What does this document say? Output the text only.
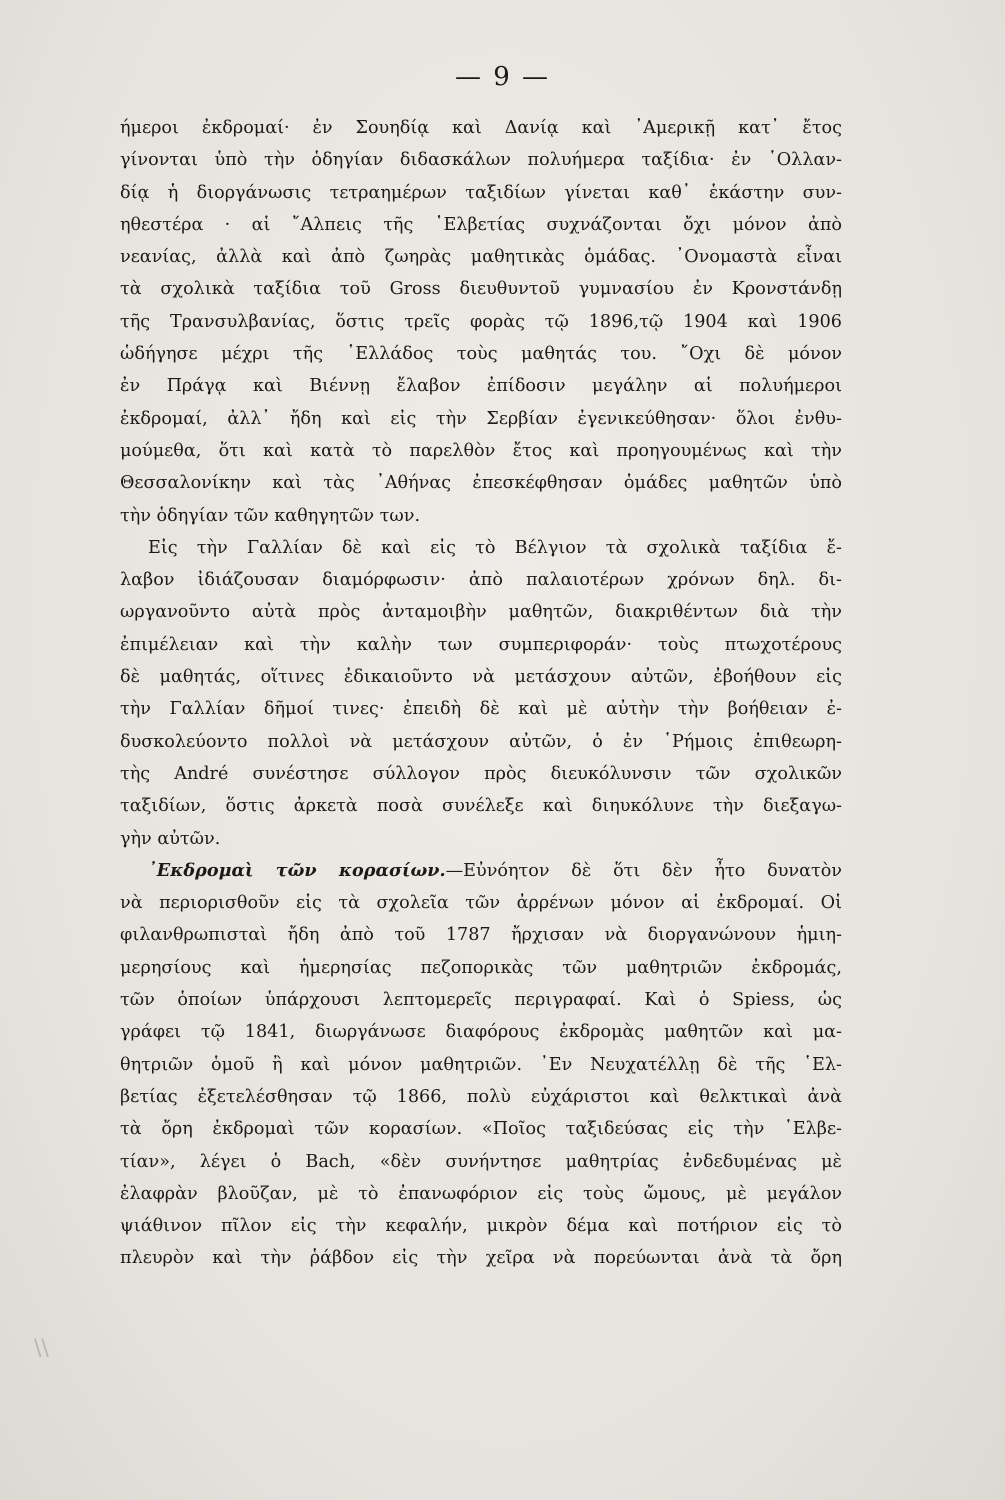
— 9 —

ήμεροι ἐκδρομαί· ἐν Σουηδίᾳ καὶ Δανίᾳ καὶ ᾿Αμερικῇ κατ᾿ ἔτος
γίνονται ὑπὸ τὴν ὁδηγίαν διδασκάλων πολυήμερα ταξίδια· ἐν ῾Ολλαν-
δίᾳ ἡ διοργάνωσις τετραημέρων ταξιδίων γίνεται καθ᾿ ἑκάστην συν-
ηθεστέρα · αἱ ῎Αλπεις τῆς ῾Ελβετίας συχνάζονται ὄχι μόνον ἀπὸ
νεανίας, ἀλλὰ καὶ ἀπὸ ζωηρὰς μαθητικὰς ὁμάδας. ᾿Ονομαστὰ εἶναι
τὰ σχολικὰ ταξίδια τοῦ Gross διευθυντοῦ γυμνασίου ἐν Κρονστάνδῃ
τῆς Τρανσυλβανίας, ὅστις τρεῖς φορὰς τῷ 1896,τῷ 1904 καὶ 1906
ὡδήγησε μέχρι τῆς ῾Ελλάδος τοὺς μαθητάς του. ῎Οχι δὲ μόνον
ἐν Πράγᾳ καὶ Βιέννῃ ἔλαβον ἐπίδοσιν μεγάλην αἱ πολυήμεροι
ἐκδρομαί, ἀλλ᾿ ἤδη καὶ εἰς τὴν Σερβίαν ἐγενικεύθησαν· ὅλοι ἐνθυ-
μούμεθα, ὅτι καὶ κατὰ τὸ παρελθὸν ἔτος καὶ προηγουμένως καὶ τὴν
Θεσσαλονίκην καὶ τὰς ᾿Αθήνας ἐπεσκέφθησαν ὁμάδες μαθητῶν ὑπὸ
τὴν ὁδηγίαν τῶν καθηγητῶν των.
Εἰς τὴν Γαλλίαν δὲ καὶ εἰς τὸ Βέλγιον τὰ σχολικὰ ταξίδια ἔ-
λαβον ἰδιάζουσαν διαμόρφωσιν· ἀπὸ παλαιοτέρων χρόνων δηλ. δι-
ωργανοῦντο αὐτὰ πρὸς ἀνταμοιβὴν μαθητῶν, διακριθέντων διὰ τὴν
ἐπιμέλειαν καὶ τὴν καλὴν των συμπεριφοράν· τοὺς πτωχοτέρους
δὲ μαθητάς, οἵτινες ἐδικαιοῦντο νὰ μετάσχουν αὐτῶν, ἐβοήθουν εἰς
τὴν Γαλλίαν δῆμοί τινες· ἐπειδὴ δὲ καὶ μὲ αὐτὴν τὴν βοήθειαν ἐ-
δυσκολεύοντο πολλοὶ νὰ μετάσχουν αὐτῶν, ὁ ἐν ῾Ρήμοις ἐπιθεωρη-
τὴς André συνέστησε σύλλογον πρὸς διευκόλυνσιν τῶν σχολικῶν
ταξιδίων, ὅστις ἀρκετὰ ποσὰ συνέλεξε καὶ διηυκόλυνε τὴν διεξαγω-
γὴν αὐτῶν.
᾿Εκδρομαὶ τῶν κορασίων.—Εὐνόητον δὲ ὅτι δὲν ἦτο δυνατὸν
νὰ περιορισθοῦν εἰς τὰ σχολεῖα τῶν ἀρρένων μόνον αἱ ἐκδρομαί. Οἱ
φιλανθρωπισταὶ ἤδη ἀπὸ τοῦ 1787 ἤρχισαν νὰ διοργανώνουν ἡμιη-
μερησίους καὶ ἡμερησίας πεζοπορικὰς τῶν μαθητριῶν ἐκδρομάς,
τῶν ὁποίων ὑπάρχουσι λεπτομερεῖς περιγραφαί. Καὶ ὁ Spiess, ὡς
γράφει τῷ 1841, διωργάνωσε διαφόρους ἐκδρομὰς μαθητῶν καὶ μα-
θητριῶν ὁμοῦ ἢ καὶ μόνον μαθητριῶν. ᾿Εν Νευχατέλλῃ δὲ τῆς ῾Ελ-
βετίας ἐξετελέσθησαν τῷ 1866, πολὺ εὐχάριστοι καὶ θελκτικαὶ ἀνὰ
τὰ ὄρη ἐκδρομαὶ τῶν κορασίων. «Ποῖος ταξιδεύσας εἰς τὴν ῾Ελβε-
τίαν», λέγει ὁ Bach, «δὲν συνήντησε μαθητρίας ἐνδεδυμένας μὲ
ἐλαφρὰν βλοῦζαν, μὲ τὸ ἐπανωφόριον εἰς τοὺς ὤμους, μὲ μεγάλον
ψιάθινον πῖλον εἰς τὴν κεφαλήν, μικρὸν δέμα καὶ ποτήριον εἰς τὸ
πλευρὸν καὶ τὴν ῥάβδον εἰς τὴν χεῖρα νὰ πορεύωνται ἀνὰ τὰ ὄρη
\\
